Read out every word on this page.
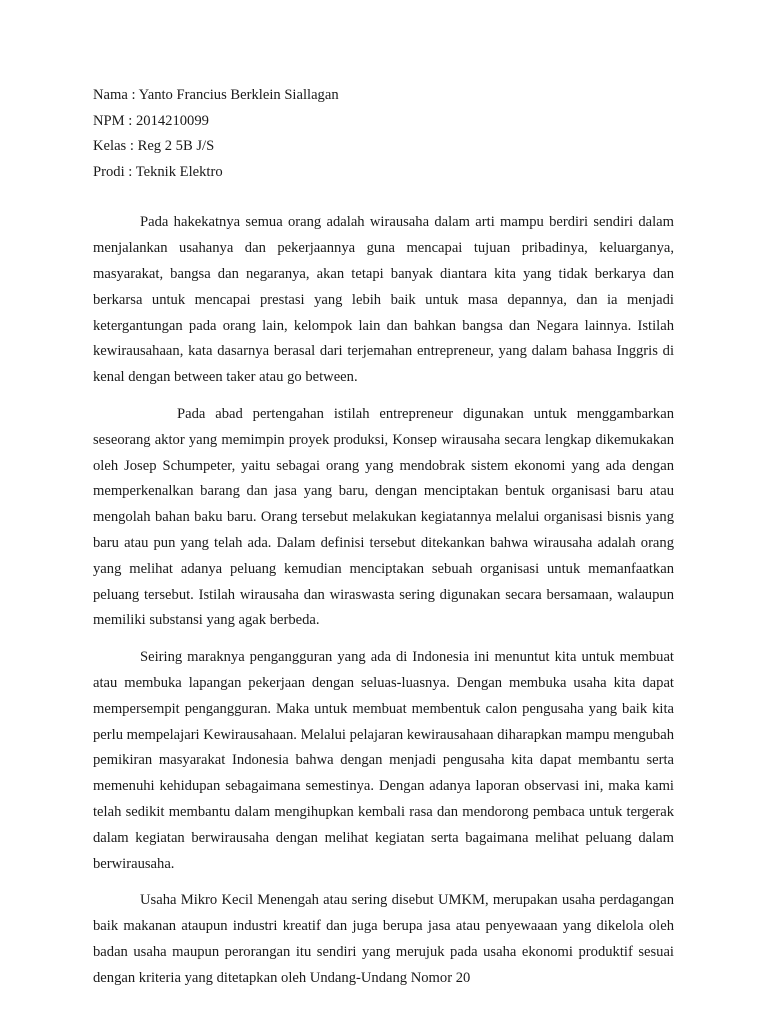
Nama : Yanto Francius Berklein Siallagan

NPM : 2014210099

Kelas : Reg 2 5B J/S

Prodi : Teknik Elektro

Pada hakekatnya semua orang adalah wirausaha dalam arti mampu berdiri sendiri dalam menjalankan usahanya dan pekerjaannya guna mencapai tujuan pribadinya, keluarganya, masyarakat, bangsa dan negaranya, akan tetapi banyak diantara kita yang tidak berkarya dan berkarsa untuk mencapai prestasi yang lebih baik untuk masa depannya, dan ia menjadi ketergantungan pada orang lain, kelompok lain dan bahkan bangsa dan Negara lainnya. Istilah kewirausahaan, kata dasarnya berasal dari terjemahan entrepreneur, yang dalam bahasa Inggris di kenal dengan between taker atau go between.

Pada abad pertengahan istilah entrepreneur digunakan untuk menggambarkan seseorang aktor yang memimpin proyek produksi, Konsep wirausaha secara lengkap dikemukakan oleh Josep Schumpeter, yaitu sebagai orang yang mendobrak sistem ekonomi yang ada dengan memperkenalkan barang dan jasa yang baru, dengan menciptakan bentuk organisasi baru atau mengolah bahan baku baru. Orang tersebut melakukan kegiatannya melalui organisasi bisnis yang baru atau pun yang telah ada. Dalam definisi tersebut ditekankan bahwa wirausaha adalah orang yang melihat adanya peluang kemudian menciptakan sebuah organisasi untuk memanfaatkan peluang tersebut. Istilah wirausaha dan wiraswasta sering digunakan secara bersamaan, walaupun memiliki substansi yang agak berbeda.

Seiring maraknya pengangguran yang ada di Indonesia ini menuntut kita untuk membuat atau membuka lapangan pekerjaan dengan seluas-luasnya. Dengan membuka usaha kita dapat mempersempit pengangguran. Maka untuk membuat membentuk calon pengusaha yang baik kita perlu mempelajari Kewirausahaan. Melalui pelajaran kewirausahaan diharapkan mampu mengubah pemikiran masyarakat Indonesia bahwa dengan menjadi pengusaha kita dapat membantu serta memenuhi kehidupan sebagaimana semestinya. Dengan adanya laporan observasi ini, maka kami telah sedikit membantu dalam mengihupkan kembali rasa dan mendorong pembaca untuk tergerak dalam kegiatan berwirausaha dengan melihat kegiatan serta bagaimana melihat peluang dalam berwirausaha.

Usaha Mikro Kecil Menengah atau sering disebut UMKM, merupakan usaha perdagangan baik makanan ataupun industri kreatif dan juga berupa jasa atau penyewaaan yang dikelola oleh badan usaha maupun perorangan itu sendiri yang merujuk pada usaha ekonomi produktif sesuai dengan kriteria yang ditetapkan oleh Undang-Undang Nomor 20
